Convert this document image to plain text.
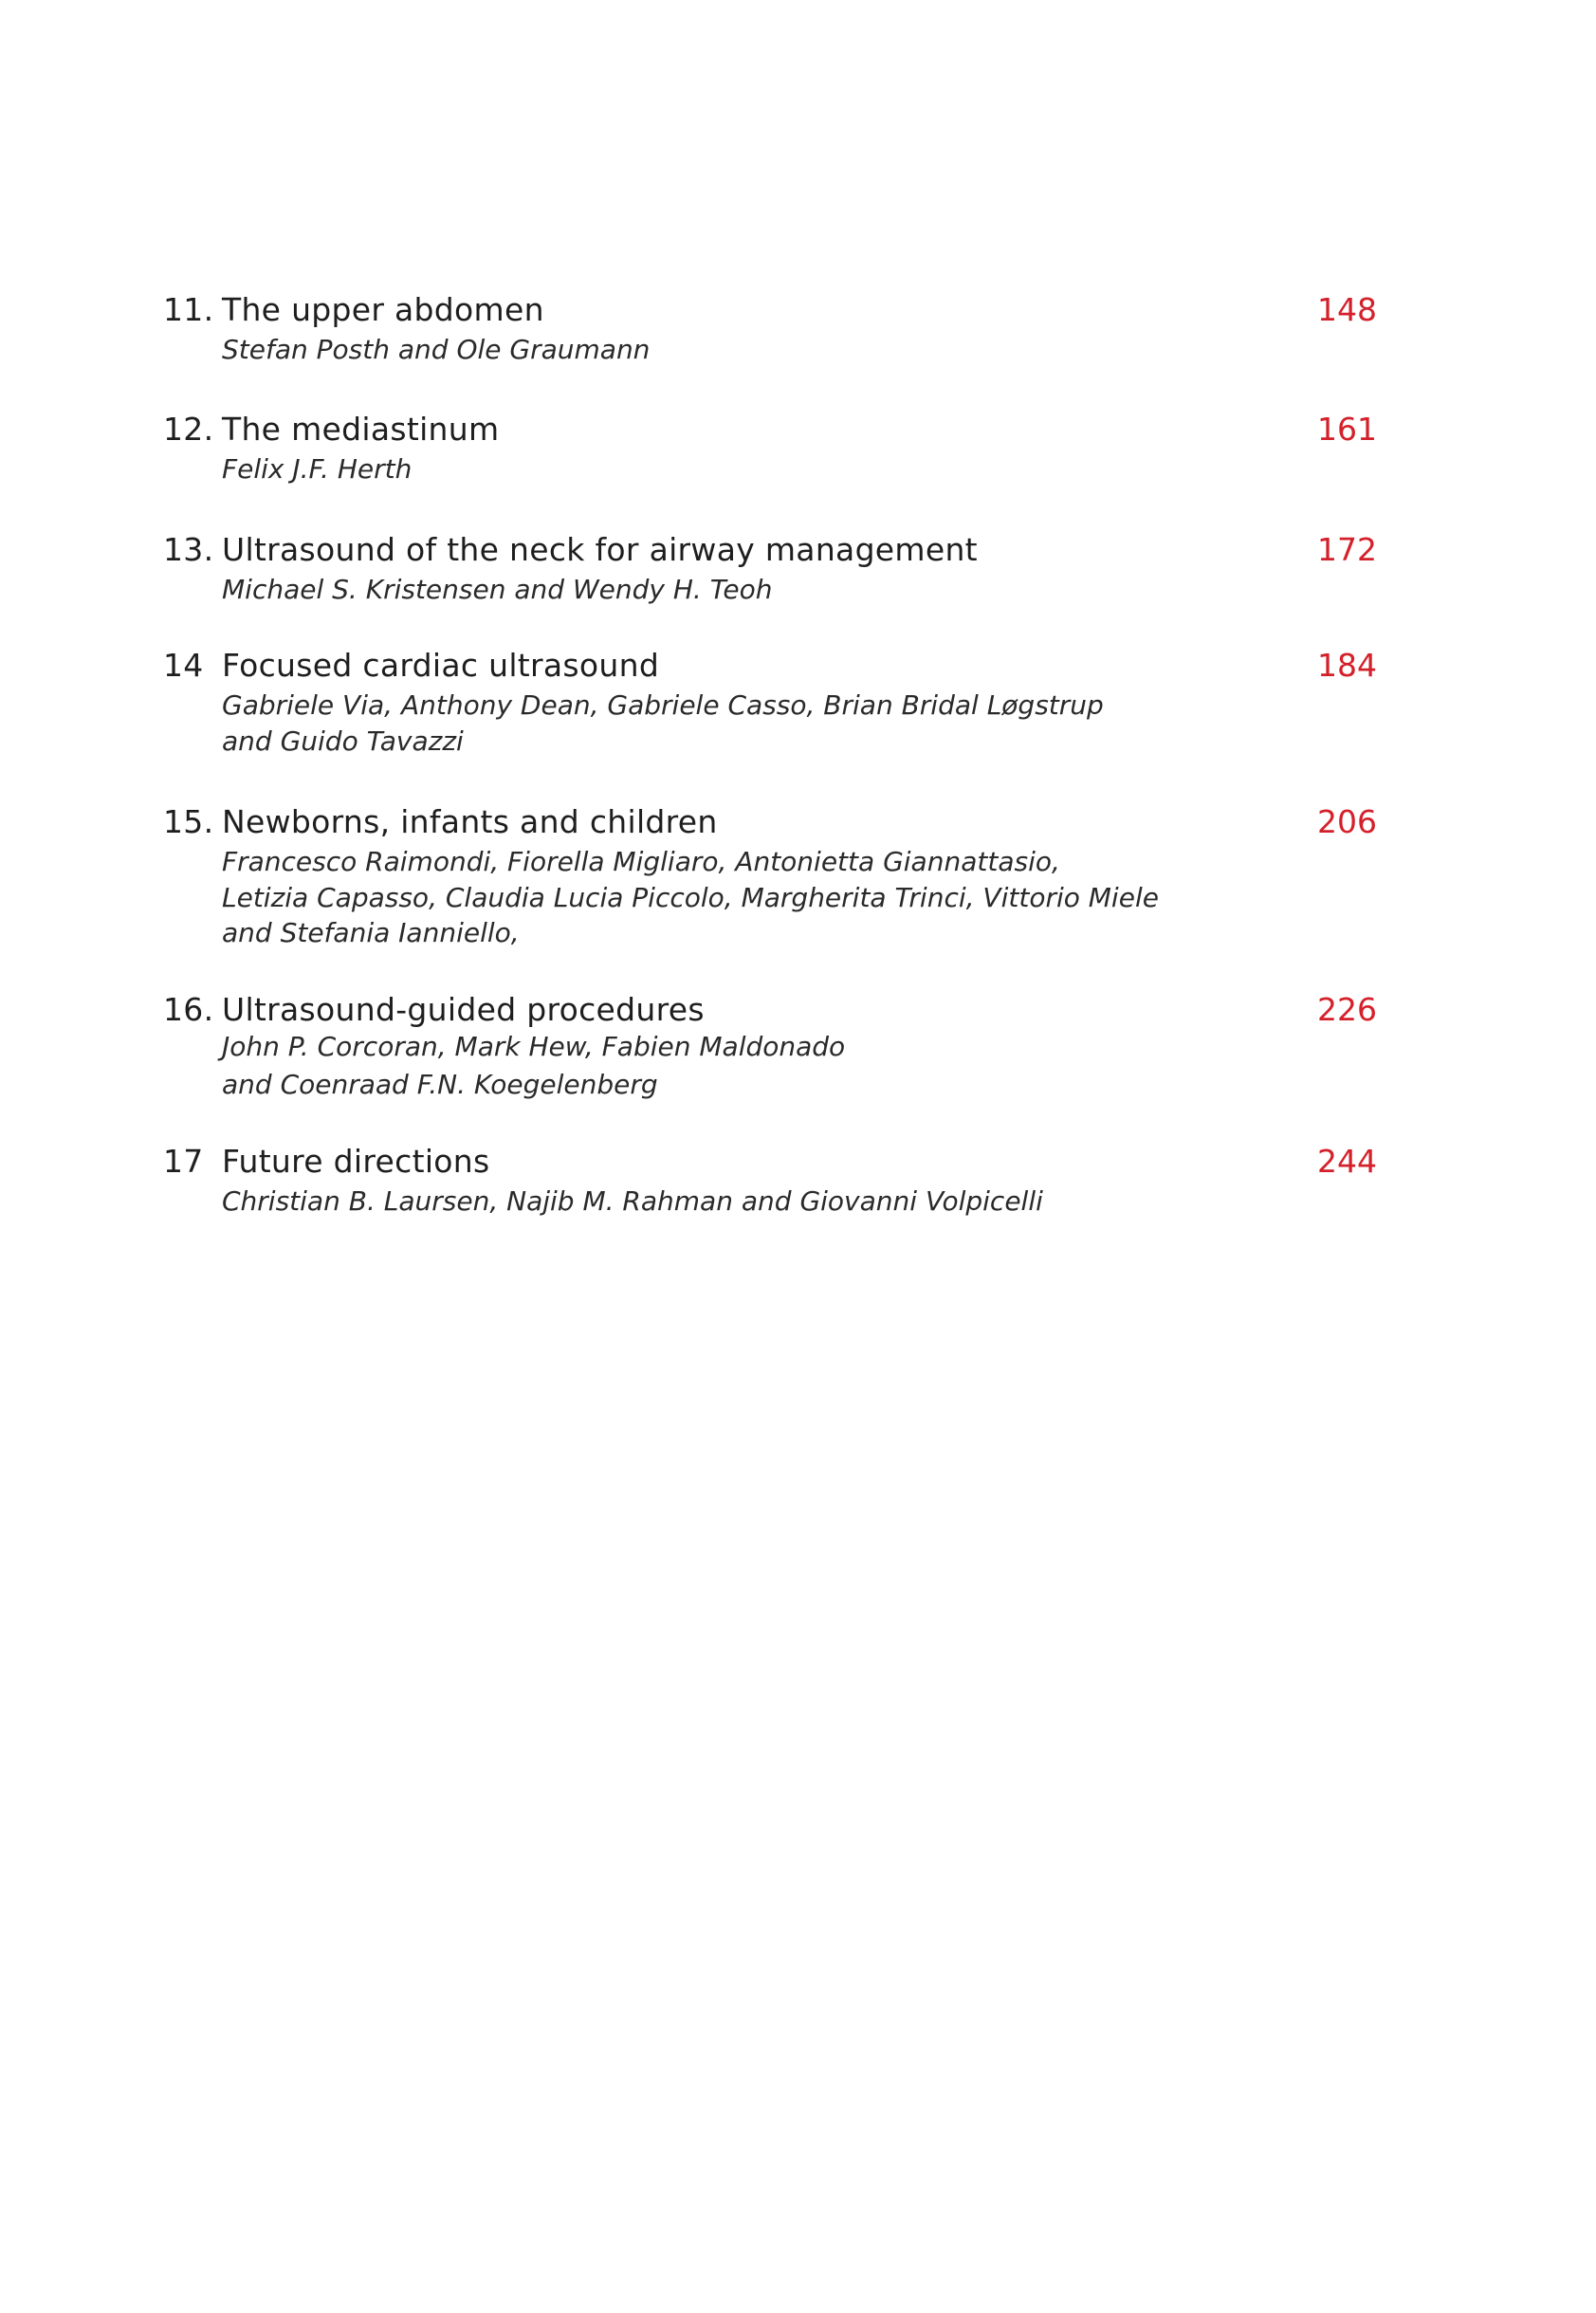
11. The upper abdomen	148
Stefan Posth and Ole Graumann
12. The mediastinum	161
Felix J.F. Herth
13. Ultrasound of the neck for airway management	172
Michael S. Kristensen and Wendy H. Teoh
14 Focused cardiac ultrasound	184
Gabriele Via, Anthony Dean, Gabriele Casso, Brian Bridal Løgstrup
and Guido Tavazzi
15. Newborns, infants and children	206
Francesco Raimondi, Fiorella Migliaro, Antonietta Giannattasio,
Letizia Capasso, Claudia Lucia Piccolo, Margherita Trinci, Vittorio Miele
and Stefania Ianniello,
16. Ultrasound-guided procedures	226
John P. Corcoran, Mark Hew, Fabien Maldonado
and Coenraad F.N. Koegelenberg
17 Future directions	244
Christian B. Laursen, Najib M. Rahman and Giovanni Volpicelli
